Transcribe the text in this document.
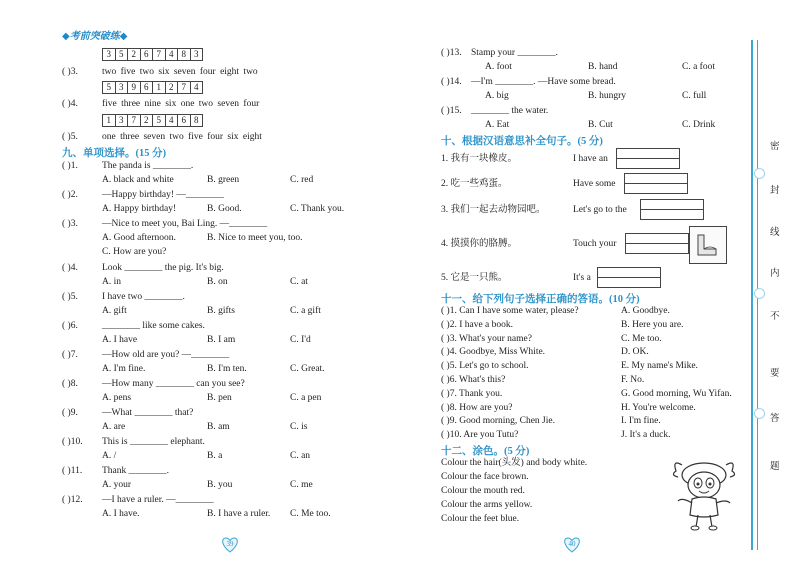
◆考前突破练◆
3 5 2 6 7 4 8 3
( )3.	two five two six seven four eight two
5 3 9 6 1 2 7 4
( )4.	five three nine six one two seven four
1 3 7 2 5 4 6 8
( )5.	one three seven two five four six eight
九、单项选择。(15 分)
( )1.	The panda is ________.
A. black and white	B. green	C. red
( )2.	—Happy birthday! —________
A. Happy birthday!	B. Good.	C. Thank you.
( )3.	—Nice to meet you, Bai Ling. —________
A. Good afternoon.	B. Nice to meet you, too.
C. How are you?
( )4.	Look ________ the pig. It's big.
A. in	B. on	C. at
( )5.	I have two ________.
A. gift	B. gifts	C. a gift
( )6.	________ like some cakes.
A. I have	B. I am	C. I'd
( )7.	—How old are you? —________
A. I'm fine.	B. I'm ten.	C. Great.
( )8.	—How many ________ can you see?
A. pens	B. pen	C. a pen
( )9.	—What ________ that?
A. are	B. am	C. is
( )10. This is ________ elephant.
A. /	B. a	C. an
( )11. Thank ________.
A. your	B. you	C. me
( )12. —I have a ruler. —________
A. I have.	B. I have a ruler. C. Me too.
( )13. Stamp your ________.
A. foot	B. hand	C. a foot
( )14. —I'm ________. —Have some bread.
A. big	B. hungry	C. full
( )15. ________ the water.
A. Eat	B. Cut	C. Drink
十、根据汉语意思补全句子。(5 分)
1. 我有一块橡皮。	I have an
2. 吃一些鸡蛋。	Have some
3. 我们一起去动物园吧。	Let's go to the
4. 摸摸你的胳膊。	Touch your
5. 它是一只熊。	It's a
十一、给下列句子选择正确的答语。(10 分)
( )1. Can I have some water, please?	A. Goodbye.
( )2. I have a book.	B. Here you are.
( )3. What's your name?	C. Me too.
( )4. Goodbye, Miss White.	D. OK.
( )5. Let's go to school.	E. My name's Mike.
( )6. What's this?	F. No.
( )7. Thank you.	G. Good morning, Wu Yifan.
( )8. How are you?	H. You're welcome.
( )9. Good morning, Chen Jie.	I. I'm fine.
( )10. Are you Tutu?	J. It's a duck.
十二、涂色。(5 分)
Colour the hair(头发) and body white.
Colour the face brown.
Colour the mouth red.
Colour the arms yellow.
Colour the feet blue.
39	40
密
封
线
内
不
要
答
题
